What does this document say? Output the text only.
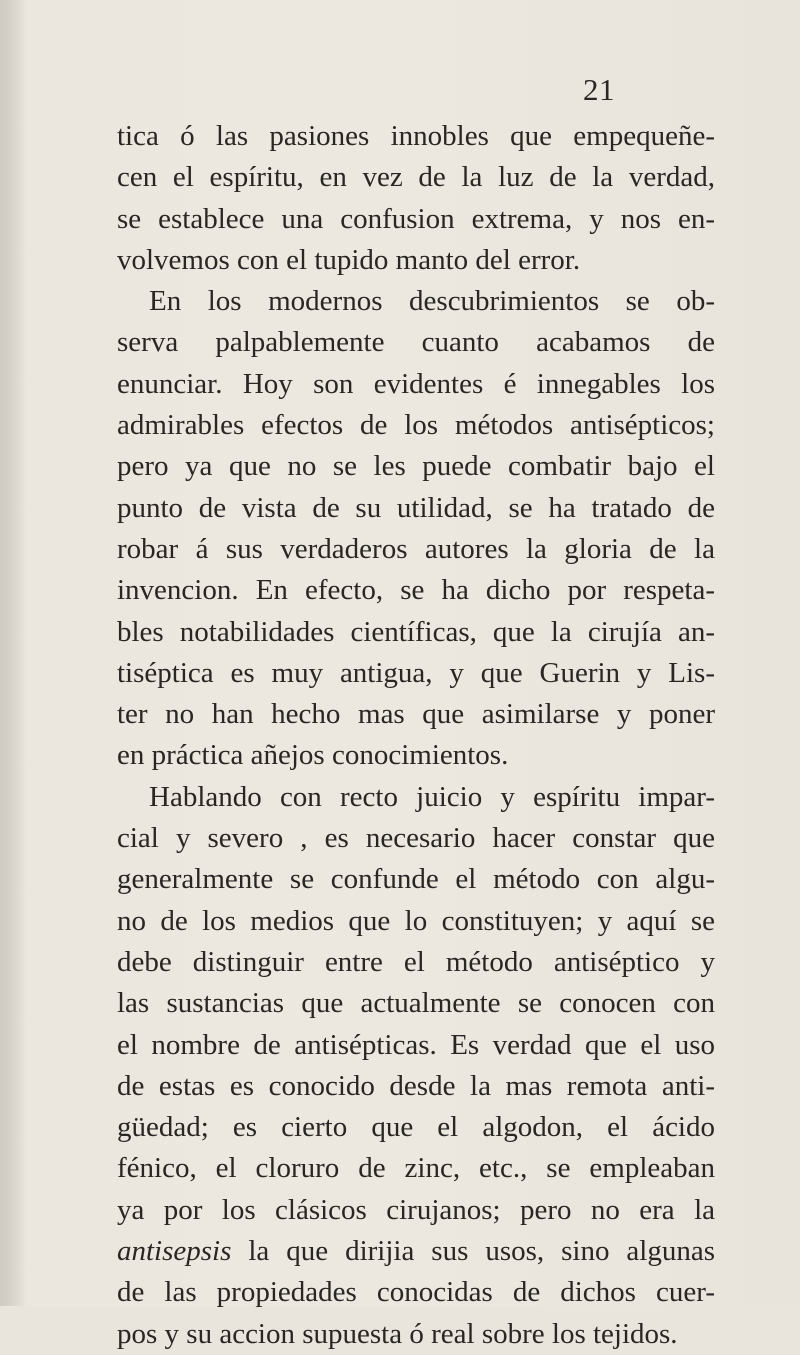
21
tica ó las pasiones innobles que empequeñe-
cen el espíritu, en vez de la luz de la verdad,
se establece una confusion extrema, y nos en-
volvemos con el tupido manto del error.
En los modernos descubrimientos se ob-
serva palpablemente cuanto acabamos de
enunciar. Hoy son evidentes é innegables los
admirables efectos de los métodos antisépticos;
pero ya que no se les puede combatir bajo el
punto de vista de su utilidad, se ha tratado de
robar á sus verdaderos autores la gloria de la
invencion. En efecto, se ha dicho por respeta-
bles notabilidades científicas, que la cirujía an-
tiséptica es muy antigua, y que Guerin y Lis-
ter no han hecho mas que asimilarse y poner
en práctica añejos conocimientos.
Hablando con recto juicio y espíritu impar-
cial y severo , es necesario hacer constar que
generalmente se confunde el método con algu-
no de los medios que lo constituyen; y aquí se
debe distinguir entre el método antiséptico y
las sustancias que actualmente se conocen con
el nombre de antisépticas. Es verdad que el uso
de estas es conocido desde la mas remota anti-
güedad; es cierto que el algodon, el ácido
fénico, el cloruro de zinc, etc., se empleaban
ya por los clásicos cirujanos; pero no era la
antisepsis la que dirijia sus usos, sino algunas
de las propiedades conocidas de dichos cuer-
pos y su accion supuesta ó real sobre los tejidos.
